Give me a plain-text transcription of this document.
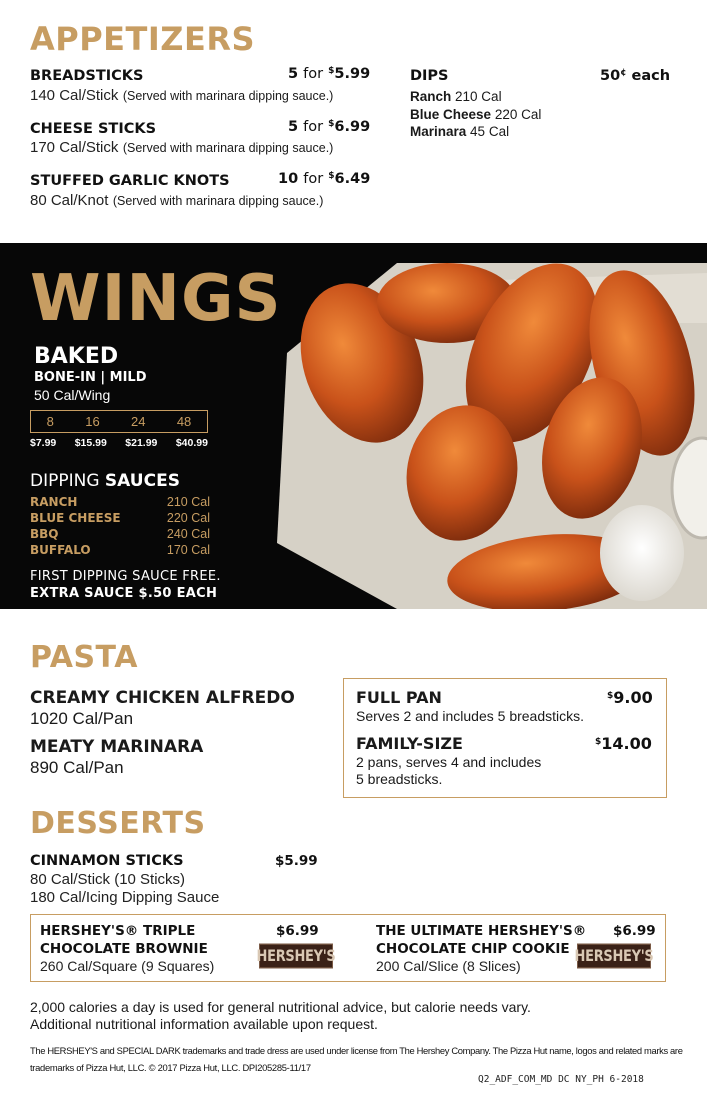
APPETIZERS
BREADSTICKS	5 for $5.99
140 Cal/Stick (Served with marinara dipping sauce.)
CHEESE STICKS	5 for $6.99
170 Cal/Stick (Served with marinara dipping sauce.)
STUFFED GARLIC KNOTS	10 for $6.49
80 Cal/Knot (Served with marinara dipping sauce.)
DIPS	50¢ each
Ranch 210 Cal
Blue Cheese 220 Cal
Marinara 45 Cal
WINGS
BAKED
BONE-IN | MILD
50 Cal/Wing
8 16 24 48
$7.99 $15.99 $21.99 $40.99
DIPPING SAUCES
RANCH	210 Cal
BLUE CHEESE	220 Cal
BBQ	240 Cal
BUFFALO	170 Cal
FIRST DIPPING SAUCE FREE.
EXTRA SAUCE $.50 EACH
PASTA
CREAMY CHICKEN ALFREDO
1020 Cal/Pan
MEATY MARINARA
890 Cal/Pan
FULL PAN	$9.00
Serves 2 and includes 5 breadsticks.
FAMILY-SIZE	$14.00
2 pans, serves 4 and includes
5 breadsticks.
DESSERTS
CINNAMON STICKS	$5.99
80 Cal/Stick (10 Sticks)
180 Cal/Icing Dipping Sauce
HERSHEY'S® TRIPLE
CHOCOLATE BROWNIE
$6.99
260 Cal/Square (9 Squares)
HERSHEY'S
THE ULTIMATE HERSHEY'S®
CHOCOLATE CHIP COOKIE
$6.99
200 Cal/Slice (8 Slices)
HERSHEY'S
2,000 calories a day is used for general nutritional advice, but calorie needs vary.
Additional nutritional information available upon request.
The HERSHEY'S and SPECIAL DARK trademarks and trade dress are used under license from The Hershey Company. The Pizza Hut name, logos and related marks are
trademarks of Pizza Hut, LLC. © 2017 Pizza Hut, LLC. DPI205285-11/17
Q2_ADF_COM_MD DC NY_PH 6-2018
